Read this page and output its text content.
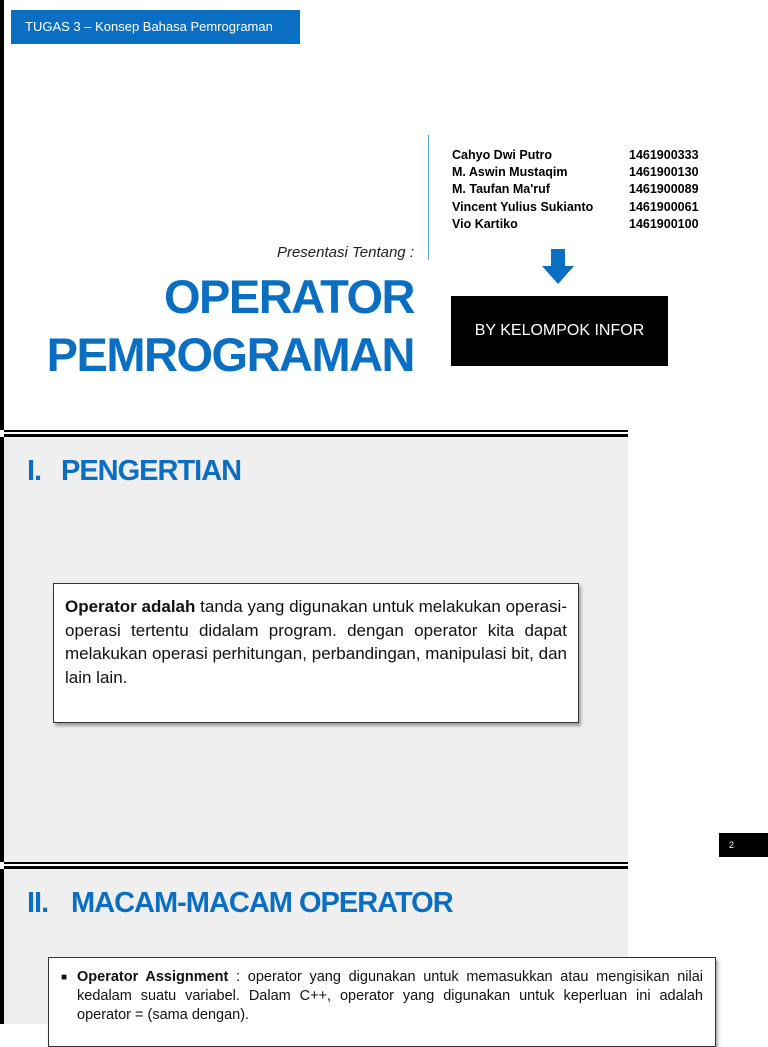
TUGAS 3 – Konsep Bahasa Pemrograman
Presentasi Tentang :
OPERATOR
PEMROGRAMAN
Cahyo Dwi Putro	1461900333
M. Aswin Mustaqim	1461900130
M. Taufan Ma'ruf	1461900089
Vincent Yulius Sukianto	1461900061
Vio Kartiko	1461900100
BY KELOMPOK INFOR
I. PENGERTIAN
Operator adalah tanda yang digunakan untuk melakukan operasi-operasi tertentu didalam program. dengan operator kita dapat melakukan operasi perhitungan, perbandingan, manipulasi bit, dan lain lain.
2
II. MACAM-MACAM OPERATOR
■ Operator Assignment : operator yang digunakan untuk memasukkan atau mengisikan nilai kedalam suatu variabel. Dalam C++, operator yang digunakan untuk keperluan ini adalah operator = (sama dengan).
